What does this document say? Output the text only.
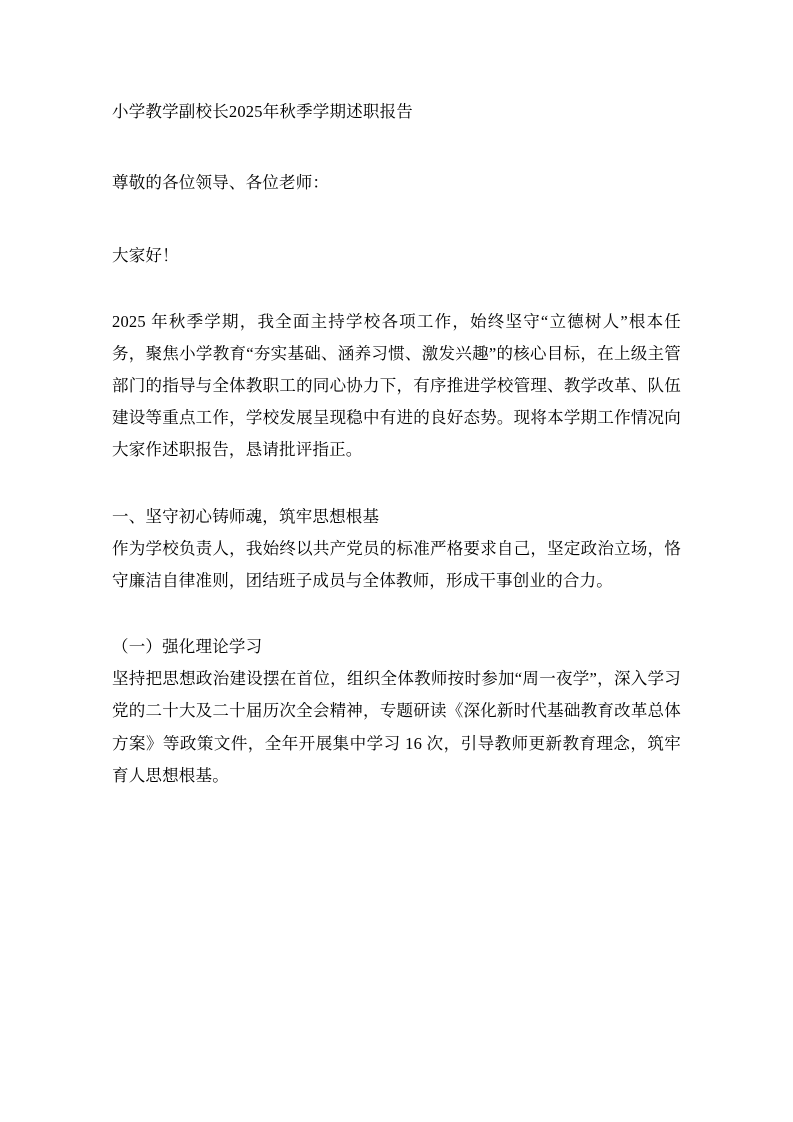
小学教学副校长2025年秋季学期述职报告
尊敬的各位领导、各位老师：
大家好！
2025 年秋季学期，我全面主持学校各项工作，始终坚守“立德树人”根本任务，聚焦小学教育“夯实基础、涵养习惯、激发兴趣”的核心目标，在上级主管部门的指导与全体教职工的同心协力下，有序推进学校管理、教学改革、队伍建设等重点工作，学校发展呈现稳中有进的良好态势。现将本学期工作情况向大家作述职报告，恳请批评指正。
一、坚守初心铸师魂，筑牢思想根基
作为学校负责人，我始终以共产党员的标准严格要求自己，坚定政治立场，恪守廉洁自律准则，团结班子成员与全体教师，形成干事创业的合力。
（一）强化理论学习
坚持把思想政治建设摆在首位，组织全体教师按时参加“周一夜学”，深入学习党的二十大及二十届历次全会精神，专题研读《深化新时代基础教育改革总体方案》等政策文件，全年开展集中学习 16 次，引导教师更新教育理念，筑牢育人思想根基。
